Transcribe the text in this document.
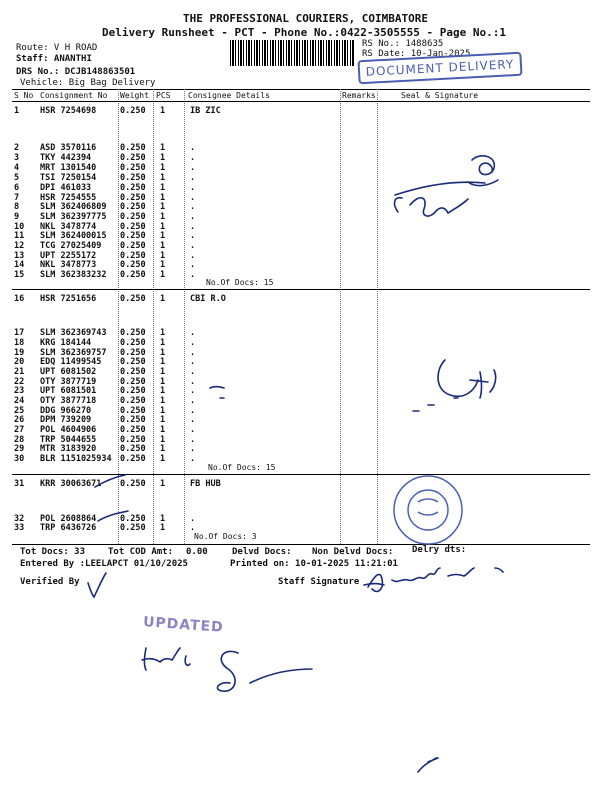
THE PROFESSIONAL COURIERS, COIMBATORE
Delivery Runsheet - PCT - Phone No.:0422-3505555 - Page No.:1
Route: V H ROAD
Staff: ANANTHI
DRS No.: DCJB148863501
Vehicle: Big Bag Delivery
RS No.: 1488635
RS Date: 10-Jan-2025
DOCUMENT DELIVERY
S No Consignment No Weight PCS Consignee Details	Remarks	Seal & Signature
1 HSR 7254698	0.250 1	IB ZIC
2 ASD 3570116	0.250 1	.
3 TKY 442394	0.250 1	.
4 MRT 1301540	0.250 1	.
5 TSI 7250154	0.250 1	.
6 DPI 461033	0.250 1	.
7 HSR 7254555	0.250 1	.
8 SLM 362406809 0.250 1	.
9 SLM 362397775 0.250 1	.
10 NKL 3478774	0.250 1	.
11 SLM 362400015 0.250 1	.
12 TCG 27025409 0.250 1	.
13 UPT 2255172	0.250 1	.
14 NKL 3478773	0.250 1	.
15 SLM 362383232 0.250 1	.
16 HSR 7251656	0.250 1	CBI R.O
17 SLM 362369743 0.250 1	.
18 KRG 184144	0.250 1	.
19 SLM 362369757 0.250 1	.
20 EDQ 11499545 0.250 1	.
21 UPT 6081502	0.250 1	.
22 OTY 3877719	0.250 1	.
23 UPT 6081501	0.250 1	.
24 OTY 3877718	0.250 1	.
25 DDG 966270	0.250 1	.
26 DPM 739209	0.250 1	.
27 POL 4604906	0.250 1	.
28 TRP 5044655	0.250 1	.
29 MTR 3183920	0.250 1	.
30 BLR 1151025934 0.250 1	.
31 KRR 30063671 0.250 1	FB HUB
32 POL 2608864	0.250 1	.
33 TRP 6436726	0.250 1	.
No.Of Docs: 15
No.Of Docs: 15
No.Of Docs: 3
Tot Docs: 33	Tot COD Amt: 0.00	Delvd Docs: Non Delvd Docs: Delry dts:
Entered By :LEELAPCT 01/10/2025	Printed on: 10-01-2025 11:21:01
Verified By	Staff Signature
UPDATED
